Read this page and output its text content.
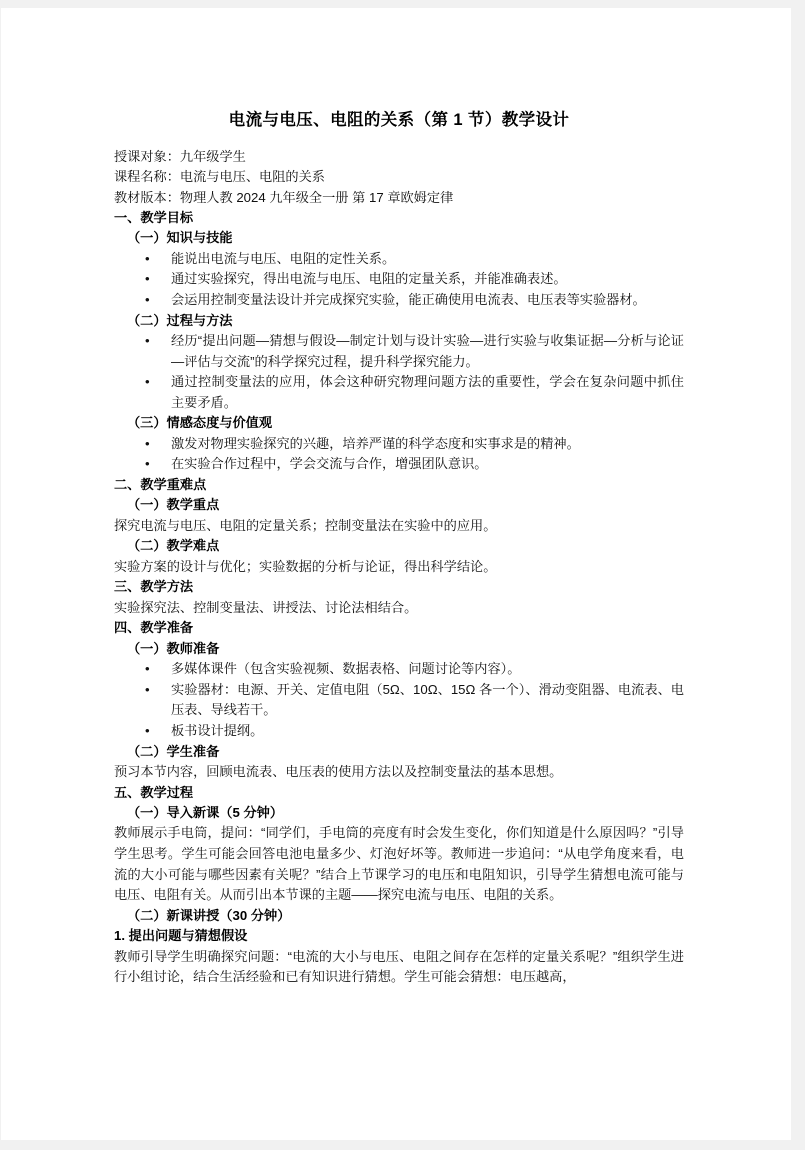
电流与电压、电阻的关系（第 1 节）教学设计

授课对象：九年级学生

课程名称：电流与电压、电阻的关系

教材版本：物理人教 2024 九年级全一册 第 17 章欧姆定律

一、教学目标

（一）知识与技能

• 能说出电流与电压、电阻的定性关系。
• 通过实验探究，得出电流与电压、电阻的定量关系，并能准确表述。
• 会运用控制变量法设计并完成探究实验，能正确使用电流表、电压表等实验器材。

（二）过程与方法

• 经历“提出问题—猜想与假设—制定计划与设计实验—进行实验与收集证据—分析与论证—评估与交流”的科学探究过程，提升科学探究能力。
• 通过控制变量法的应用，体会这种研究物理问题方法的重要性，学会在复杂问题中抓住主要矛盾。

（三）情感态度与价值观

• 激发对物理实验探究的兴趣，培养严谨的科学态度和实事求是的精神。
• 在实验合作过程中，学会交流与合作，增强团队意识。

二、教学重难点

（一）教学重点

探究电流与电压、电阻的定量关系；控制变量法在实验中的应用。

（二）教学难点

实验方案的设计与优化；实验数据的分析与论证，得出科学结论。

三、教学方法

实验探究法、控制变量法、讲授法、讨论法相结合。

四、教学准备

（一）教师准备

• 多媒体课件（包含实验视频、数据表格、问题讨论等内容）。
• 实验器材：电源、开关、定值电阻（5Ω、10Ω、15Ω 各一个）、滑动变阻器、电流表、电压表、导线若干。
• 板书设计提纲。

（二）学生准备

预习本节内容，回顾电流表、电压表的使用方法以及控制变量法的基本思想。

五、教学过程

（一）导入新课（5 分钟）

教师展示手电筒，提问：“同学们，手电筒的亮度有时会发生变化，你们知道是什么原因吗？”引导学生思考。学生可能会回答电池电量多少、灯泡好坏等。教师进一步追问：“从电学角度来看，电流的大小可能与哪些因素有关呢？”结合上节课学习的电压和电阻知识，引导学生猜想电流可能与电压、电阻有关。从而引出本节课的主题——探究电流与电压、电阻的关系。

（二）新课讲授（30 分钟）

1. 提出问题与猜想假设

教师引导学生明确探究问题：“电流的大小与电压、电阻之间存在怎样的定量关系呢？”组织学生进行小组讨论，结合生活经验和已有知识进行猜想。学生可能会猜想：电压越高，
